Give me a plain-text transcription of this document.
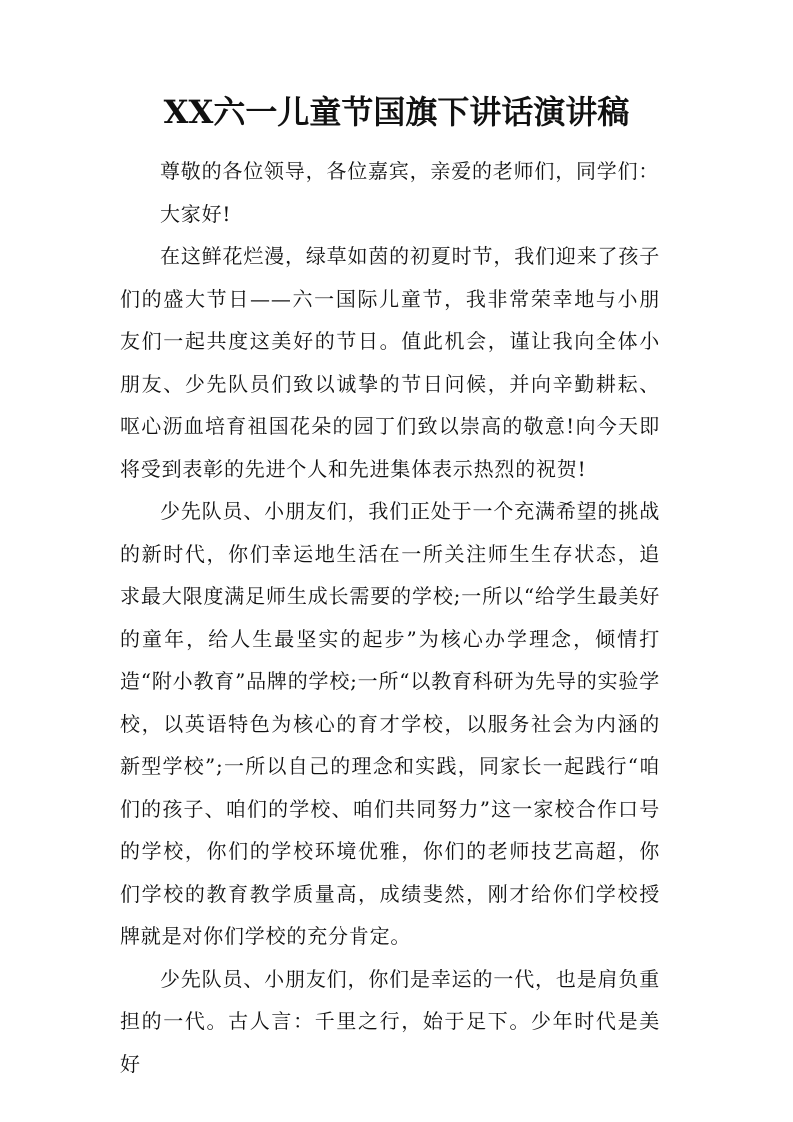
XX六一儿童节国旗下讲话演讲稿

尊敬的各位领导，各位嘉宾，亲爱的老师们，同学们：

大家好!

在这鲜花烂漫，绿草如茵的初夏时节，我们迎来了孩子们的盛大节日——六一国际儿童节，我非常荣幸地与小朋友们一起共度这美好的节日。值此机会，谨让我向全体小朋友、少先队员们致以诚挚的节日问候，并向辛勤耕耘、呕心沥血培育祖国花朵的园丁们致以崇高的敬意!向今天即将受到表彰的先进个人和先进集体表示热烈的祝贺!

少先队员、小朋友们，我们正处于一个充满希望的挑战的新时代，你们幸运地生活在一所关注师生生存状态，追求最大限度满足师生成长需要的学校;一所以“给学生最美好的童年，给人生最坚实的起步”为核心办学理念，倾情打造“附小教育”品牌的学校;一所“以教育科研为先导的实验学校，以英语特色为核心的育才学校，以服务社会为内涵的新型学校”;一所以自己的理念和实践，同家长一起践行“咱们的孩子、咱们的学校、咱们共同努力”这一家校合作口号的学校，你们的学校环境优雅，你们的老师技艺高超，你们学校的教育教学质量高，成绩斐然，刚才给你们学校授牌就是对你们学校的充分肯定。

少先队员、小朋友们，你们是幸运的一代，也是肩负重担的一代。古人言：千里之行，始于足下。少年时代是美好
